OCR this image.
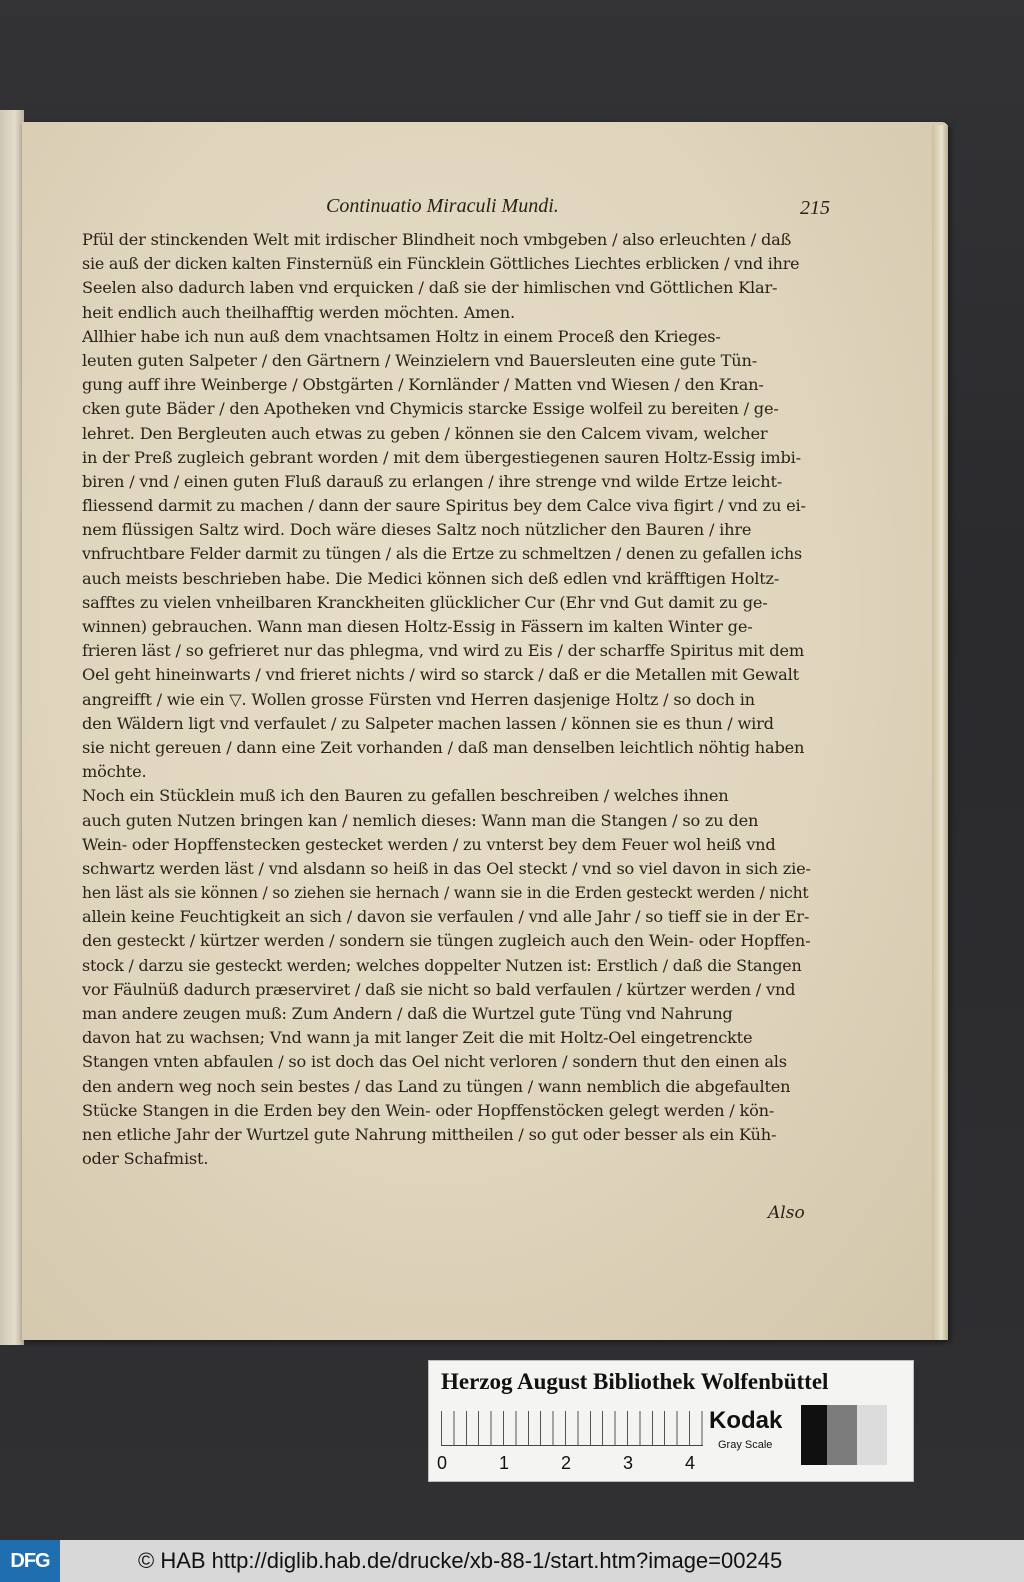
Continuatio Miraculi Mundi.	215
Pfül der stinckenden Welt mit irdischer Blindheit noch vmbgeben / also erleuchten / daß
sie auß der dicken kalten Finsternüß ein Füncklein Göttliches Liechtes erblicken / vnd ihre
Seelen also dadurch laben vnd erquicken / daß sie der himlischen vnd Göttlichen Klar-
heit endlich auch theilhafftig werden möchten. Amen.
Allhier habe ich nun auß dem vnachtsamen Holtz in einem Proceß den Krieges-
leuten guten Salpeter / den Gärtnern / Weinzielern vnd Bauersleuten eine gute Tün-
gung auff ihre Weinberge / Obstgärten / Kornländer / Matten vnd Wiesen / den Kran-
cken gute Bäder / den Apotheken vnd Chymicis starcke Essige wolfeil zu bereiten / ge-
lehret. Den Bergleuten auch etwas zu geben / können sie den Calcem vivam, welcher
in der Preß zugleich gebrant worden / mit dem übergestiegenen sauren Holtz-Essig imbi-
biren / vnd / einen guten Fluß darauß zu erlangen / ihre strenge vnd wilde Ertze leicht-
fliessend darmit zu machen / dann der saure Spiritus bey dem Calce viva figirt / vnd zu ei-
nem flüssigen Saltz wird. Doch wäre dieses Saltz noch nützlicher den Bauren / ihre
vnfruchtbare Felder darmit zu tüngen / als die Ertze zu schmeltzen / denen zu gefallen ichs
auch meists beschrieben habe. Die Medici können sich deß edlen vnd kräfftigen Holtz-
safftes zu vielen vnheilbaren Kranckheiten glücklicher Cur (Ehr vnd Gut damit zu ge-
winnen) gebrauchen. Wann man diesen Holtz-Essig in Fässern im kalten Winter ge-
frieren läst / so gefrieret nur das phlegma, vnd wird zu Eis / der scharffe Spiritus mit dem
Oel geht hineinwarts / vnd frieret nichts / wird so starck / daß er die Metallen mit Gewalt
angreifft / wie ein ▽. Wollen grosse Fürsten vnd Herren dasjenige Holtz / so doch in
den Wäldern ligt vnd verfaulet / zu Salpeter machen lassen / können sie es thun / wird
sie nicht gereuen / dann eine Zeit vorhanden / daß man denselben leichtlich nöhtig haben
möchte.
Noch ein Stücklein muß ich den Bauren zu gefallen beschreiben / welches ihnen
auch guten Nutzen bringen kan / nemlich dieses: Wann man die Stangen / so zu den
Wein- oder Hopffenstecken gestecket werden / zu vnterst bey dem Feuer wol heiß vnd
schwartz werden läst / vnd alsdann so heiß in das Oel steckt / vnd so viel davon in sich zie-
hen läst als sie können / so ziehen sie hernach / wann sie in die Erden gesteckt werden / nicht
allein keine Feuchtigkeit an sich / davon sie verfaulen / vnd alle Jahr / so tieff sie in der Er-
den gesteckt / kürtzer werden / sondern sie tüngen zugleich auch den Wein- oder Hopffen-
stock / darzu sie gesteckt werden; welches doppelter Nutzen ist: Erstlich / daß die Stangen
vor Fäulnüß dadurch præserviret / daß sie nicht so bald verfaulen / kürtzer werden / vnd
man andere zeugen muß: Zum Andern / daß die Wurtzel gute Tüng vnd Nahrung
davon hat zu wachsen; Vnd wann ja mit langer Zeit die mit Holtz-Oel eingetrenckte
Stangen vnten abfaulen / so ist doch das Oel nicht verloren / sondern thut den einen als
den andern weg noch sein bestes / das Land zu tüngen / wann nemblich die abgefaulten
Stücke Stangen in die Erden bey den Wein- oder Hopffenstöcken gelegt werden / kön-
nen etliche Jahr der Wurtzel gute Nahrung mittheilen / so gut oder besser als ein Küh-
oder Schafmist.
Also
Herzog August Bibliothek Wolfenbüttel
0	1	2	3	4
Kodak
Gray Scale
DFG	© HAB http://diglib.hab.de/drucke/xb-88-1/start.htm?image=00245
